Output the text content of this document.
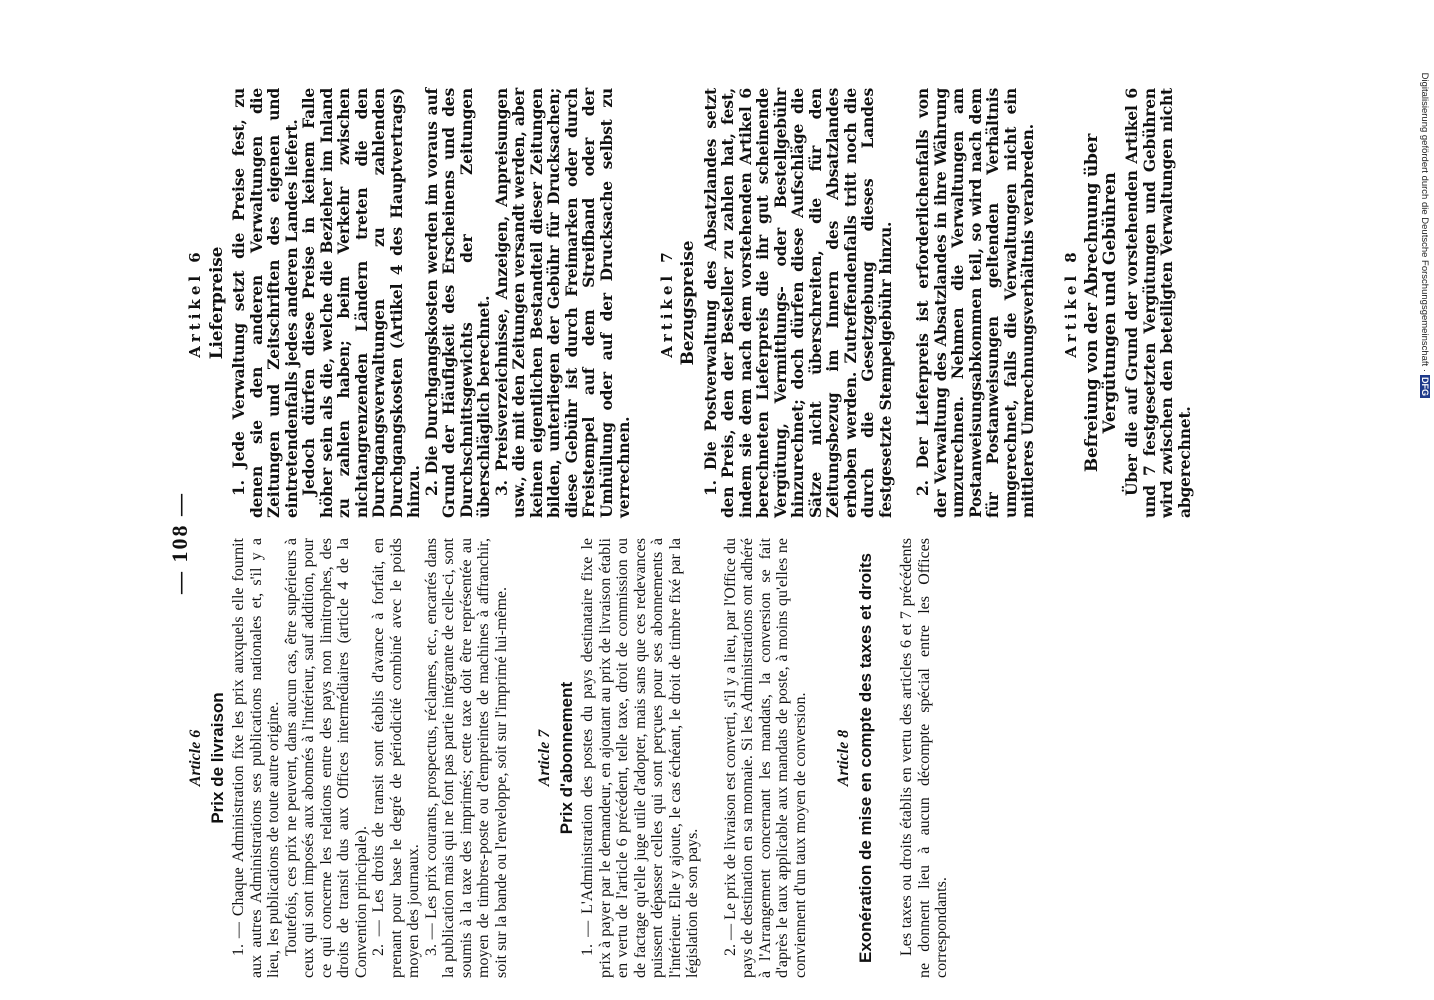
— 108 —
Article 6 Prix de livraison 1. — Chaque Administration fixe les prix auxquels elle fournit aux autres Administrations ses publications nationales et, s'il y a lieu, les publications de toute autre origine. Toutefois, ces prix ne peuvent, dans aucun cas, être supérieurs à ceux qui sont imposés aux abonnés à l'intérieur, sauf addition, pour ce qui concerne les relations entre des pays non limitrophes, des droits de transit dus aux Offices intermédiaires (article 4 de la Convention principale). 2. — Les droits de transit sont établis d'avance à forfait, en prenant pour base le degré de périodicité combiné avec le poids moyen des journaux. 3. — Les prix courants, prospectus, réclames, etc., encartés dans la publication mais qui ne font pas partie intégrante de celle-ci, sont soumis à la taxe des imprimés; cette taxe doit être représentée au moyen de timbres-poste ou d'empreintes de machines à affranchir, soit sur la bande ou l'enveloppe, soit sur l'imprimé lui-même. Article 7 Prix d'abonnement 1. — L'Administration des postes du pays destinataire fixe le prix à payer par le demandeur, en ajoutant au prix de livraison établi en vertu de l'article 6 précédent, telle taxe, droit de commission ou de factage qu'elle juge utile d'adopter, mais sans que ces redevances puissent dépasser celles qui sont perçues pour ses abonnements à l'intérieur. Elle y ajoute, le cas échéant, le droit de timbre fixé par la législation de son pays. 2. — Le prix de livraison est converti, s'il y a lieu, par l'Office du pays de destination en sa monnaie. Si les Administrations ont adhéré à l'Arrangement concernant les mandats, la conversion se fait d'après le taux applicable aux mandats de poste, à moins qu'elles ne conviennent d'un taux moyen de conversion. Article 8 Exonération de mise en compte des taxes et droits Les taxes ou droits établis en vertu des articles 6 et 7 précédents ne donnent lieu à aucun décompte spécial entre les Offices correspondants.

Artikel 6 Lieferpreise 1. Jede Verwaltung setzt die Preise fest, zu denen sie den anderen Verwaltungen die Zeitungen und Zeitschriften des eigenen und eintretendenfalls jedes anderen Landes liefert.

Jedoch dürfen diese Preise in keinem Falle höher sein als die, welche die Bezieher im Inland zu zahlen haben; beim Verkehr zwischen nichtangrenzenden Ländern treten die den Durchgangsverwaltungen zu zahlenden Durchgangskosten (Artikel 4 des Hauptvertrags) hinzu.

2. Die Durchgangskosten werden im voraus auf Grund der Häufigkeit des Erscheinens und des Durchschnittsgewichts der Zeitungen überschläglich berechnet.

3. Preisverzeichnisse, Anzeigen, Anpreisungen usw., die mit den Zeitungen versandt werden, aber keinen eigentlichen Bestandteil dieser Zeitungen bilden, unterliegen der Gebühr für Drucksachen; diese Gebühr ist durch Freimarken oder durch Freistempel auf dem Streifband oder der Umhüllung oder auf der Drucksache selbst zu verrechnen.

Artikel 7 Bezugspreise 1. Die Postverwaltung des Absatzlandes setzt den Preis, den der Besteller zu zahlen hat, fest, indem sie dem nach dem vorstehenden Artikel 6 berechneten Lieferpreis die ihr gut scheinende Vergütung, Vermittlungs- oder Bestellgebühr hinzurechnet; doch dürfen diese Aufschläge die Sätze nicht überschreiten, die für den Zeitungsbezug im Innern des Absatzlandes erhoben werden. Zutreffendenfalls tritt noch die durch die Gesetzgebung dieses Landes festgesetzte Stempelgebühr hinzu. 2. Der Lieferpreis ist erforderlichenfalls von der Verwaltung des Absatzlandes in ihre Währung umzurechnen. Nehmen die Verwaltungen am Postanweisungsabkommen teil, so wird nach dem für Postanweisungen geltenden Verhältnis umgerechnet, falls die Verwaltungen nicht ein mittleres Umrechnungsverhältnis verabreden. Artikel 8 Befreiung von der Abrechnung über Vergütungen und Gebühren Über die auf Grund der vorstehenden Artikel 6 und 7 festgesetzten Vergütungen und Gebühren wird zwischen den beteiligten Verwaltungen nicht abgerechnet.

Digitalisierung gefördert durch die Deutsche Forschungsgemeinschaft ·DFG
